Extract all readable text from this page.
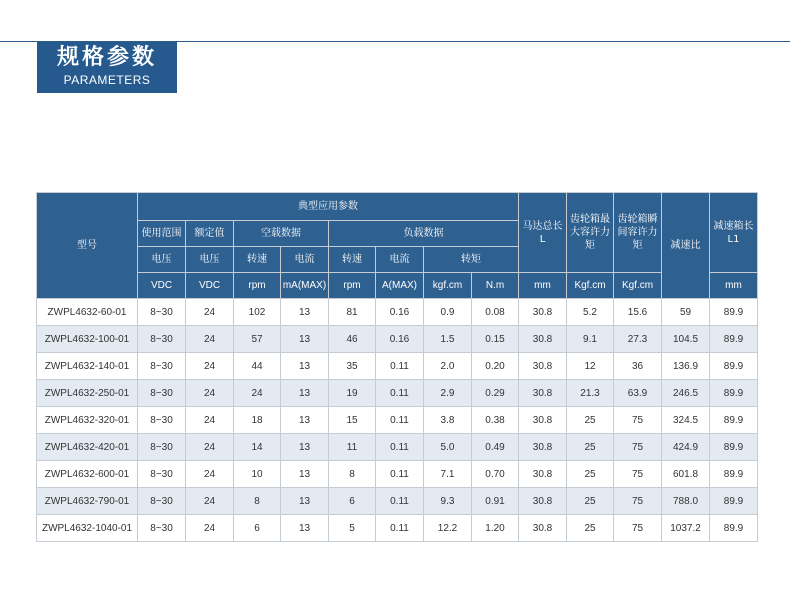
规格参数
PARAMETERS
型号	典型应用参数								马达总长L	齿轮箱最大容许力矩	齿轮箱瞬间容许力矩	减速比	减速箱长L1
	使用范围	额定值	空载数据		负载数据								
	电压	电压	转速	电流	转速	电流	转矩						
	VDC	VDC	rpm	mA(MAX)	rpm	A(MAX)	kgf.cm	N.m	mm	Kgf.cm	Kgf.cm		mm
ZWPL4632-60-01	8~30	24	102	13	81	0.16	0.9	0.08	30.8	5.2	15.6	59	89.9
ZWPL4632-100-01	8~30	24	57	13	46	0.16	1.5	0.15	30.8	9.1	27.3	104.5	89.9
ZWPL4632-140-01	8~30	24	44	13	35	0.11	2.0	0.20	30.8	12	36	136.9	89.9
ZWPL4632-250-01	8~30	24	24	13	19	0.11	2.9	0.29	30.8	21.3	63.9	246.5	89.9
ZWPL4632-320-01	8~30	24	18	13	15	0.11	3.8	0.38	30.8	25	75	324.5	89.9
ZWPL4632-420-01	8~30	24	14	13	11	0.11	5.0	0.49	30.8	25	75	424.9	89.9
ZWPL4632-600-01	8~30	24	10	13	8	0.11	7.1	0.70	30.8	25	75	601.8	89.9
ZWPL4632-790-01	8~30	24	8	13	6	0.11	9.3	0.91	30.8	25	75	788.0	89.9
ZWPL4632-1040-01	8~30	24	6	13	5	0.11	12.2	1.20	30.8	25	75	1037.2	89.9
